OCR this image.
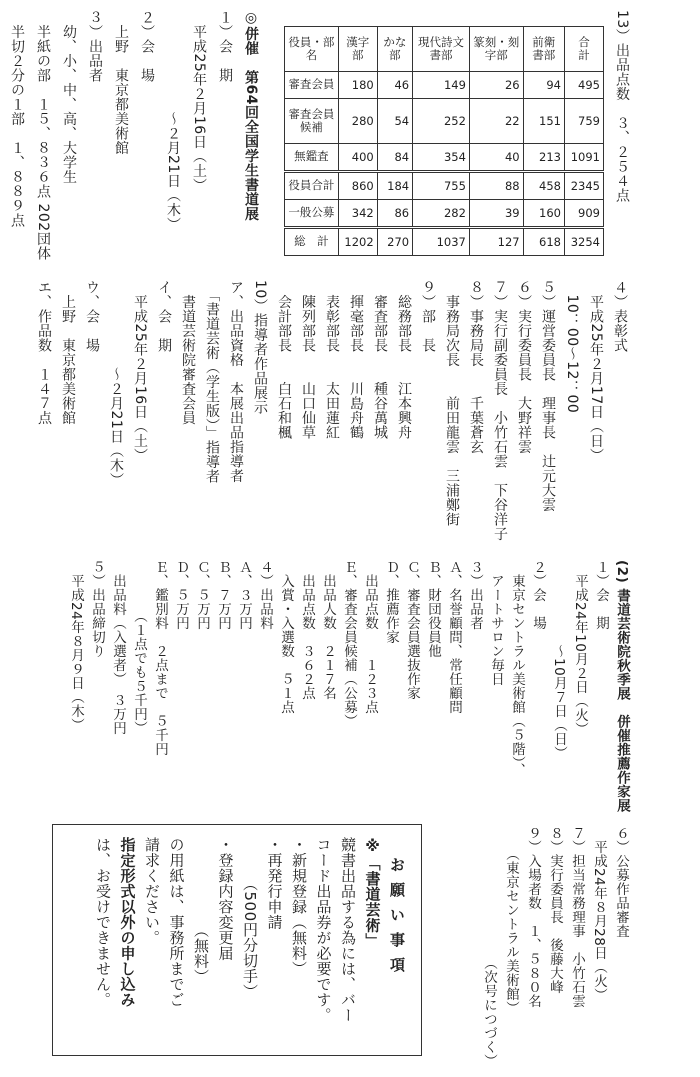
13）出品点数　３、２５４点
役員・部名	漢字部	かな部	現代詩文書部	篆刻・刻字部	前衛書部	合　計
審査会員	180	46	149	26	94	495
審査会員候補	280	54	252	22	151	759
無鑑査	400	84	354	40	213	1091
役員合計	860	184	755	88	458	2345
一般公募	342	86	282	39	160	909
総　計	1202	270	1037	127	618	3254
◎併催　第64回全国学生書道展
１）会　期
　平成25年２月16日（土）
　　　　　　　～２月21日（木）
２）会　場
　上野　東京都美術館
３）出品者
　幼、小、中、高、大学生
　半紙の部　１５、８３６点 202団体
　半切２分の１部　１、８８９点
４）表彰式
　平成25年２月17日（日）
　10：00～12：00
５）運営委員長　理事長　辻元大雲
６）実行委員長　大野祥雲
７）実行副委員長　小竹石雲　下谷洋子
８）事務局長　　千葉蒼玄
　事務局次長　　前田龍雲　三浦鄭街
９）部　長
　総務部長　　江本興舟
　審査部長　　種谷萬城
　揮毫部長　　川島舟鶴
　表彰部長　　太田蓮紅
　陳列部長　　山口仙草
　会計部長　　白石和楓
10）指導者作品展示
ア、出品資格　本展出品指導者
　「書道芸術（学生版）」指導者
　書道芸術院審査会員
イ、会　期
　平成25年２月16日（土）
　　　　　　～２月21日（木）
ウ、会　場
　上野　東京都美術館
エ、作品数　１４７点
(2) 書道芸術院秋季展　併催推薦作家展
１）会　期
　平成24年10月２日（火）
　　　　　　～10月７日（日）
２）会　場
　東京セントラル美術館（５階）、
　アートサロン毎日
３）出品者
Ａ、名誉顧問、常任顧問
Ｂ、財団役員他
Ｃ、審査会員選抜作家
Ｄ、推薦作家
　出品点数　　１２３点
Ｅ、審査会員候補（公募）
　出品人数　２１７名
　出品点数　３６２点
　入賞・入選数　５１点
４）出品料
Ａ、３万円
Ｂ、７万円
Ｃ、５万円
Ｄ、５万円
Ｅ、鑑別料　２点まで　５千円
　　　　（１点でも５千円）
　出品料（入選者）　３万円
５）出品締切り
　平成24年８月９日（木）
６）公募作品審査
　平成24年８月28日（火）
７）担当常務理事　小竹石雲
８）実行委員長　後藤大峰
９）入場者数　１、５８０名
　　（東京セントラル美術館）
（次号につづく）
お願い事項
※「書道芸術」
競書出品する為には、バー
コード出品券が必要です。
・新規登録（無料）
・再発行申請
　　　（500円分切手）
・登録内容変更届
　　　　　　（無料）
の用紙は、事務所までご
請求ください。
指定形式以外の申し込み
は、お受けできません。
